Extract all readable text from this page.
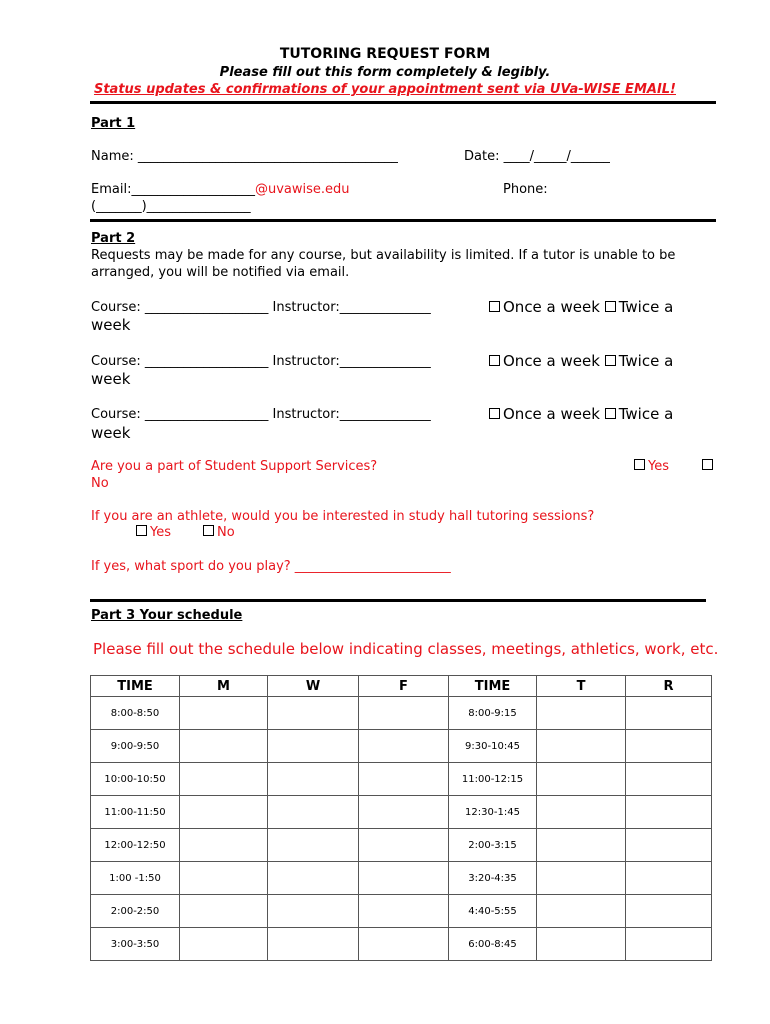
TUTORING REQUEST FORM
Please fill out this form completely & legibly.
Status updates & confirmations of your appointment sent via UVa-WISE EMAIL!
Part 1
Name: ________________________________________	Date: ____/_____/______
Email:___________________@uvawise.edu	Phone:
(_______)________________
Part 2
Requests may be made for any course, but availability is limited. If a tutor is unable to be
arranged, you will be notified via email.
Course: ___________________ Instructor:______________	Once a week Twice a
week
Course: ___________________ Instructor:______________	Once a week Twice a
week
Course: ___________________ Instructor:______________	Once a week Twice a
week
Are you a part of Student Support Services?	Yes
No
If you are an athlete, would you be interested in study hall tutoring sessions?
Yes	No
If yes, what sport do you play? ________________________
Part 3 Your schedule
Please fill out the schedule below indicating classes, meetings, athletics, work, etc.
TIME	M	W	F	TIME	T	R
8:00-8:50				8:00-9:15		
9:00-9:50				9:30-10:45		
10:00-10:50				11:00-12:15		
11:00-11:50				12:30-1:45		
12:00-12:50				2:00-3:15		
1:00 -1:50				3:20-4:35		
2:00-2:50				4:40-5:55		
3:00-3:50				6:00-8:45		
